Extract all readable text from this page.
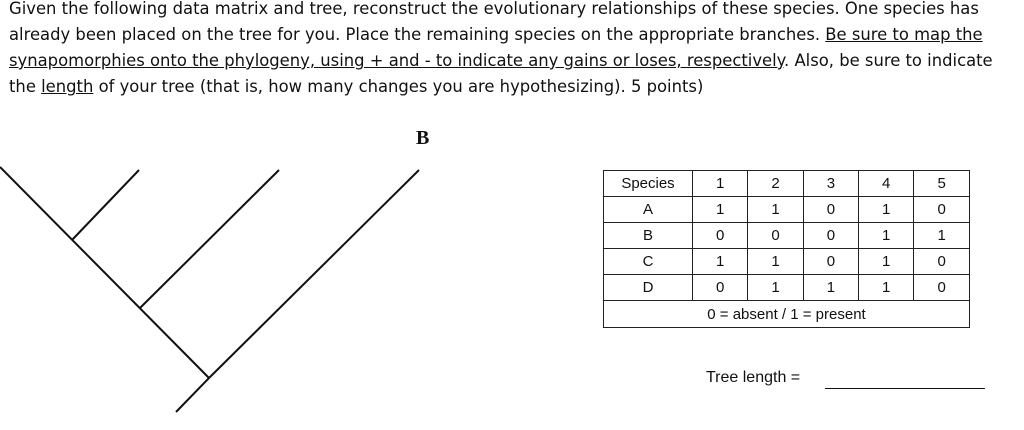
Given the following data matrix and tree, reconstruct the evolutionary relationships of these species. One species has already been placed on the tree for you. Place the remaining species on the appropriate branches. Be sure to map the synapomorphies onto the phylogeny, using + and - to indicate any gains or loses, respectively. Also, be sure to indicate the length of your tree (that is, how many changes you are hypothesizing). 5 points)

B
Species	1	2	3	4	5
A	1	1	0	1	0
B	0	0	0	1	1
C	1	1	0	1	0
D	0	1	1	1	0
0 = absent / 1 = present					
Tree length =
